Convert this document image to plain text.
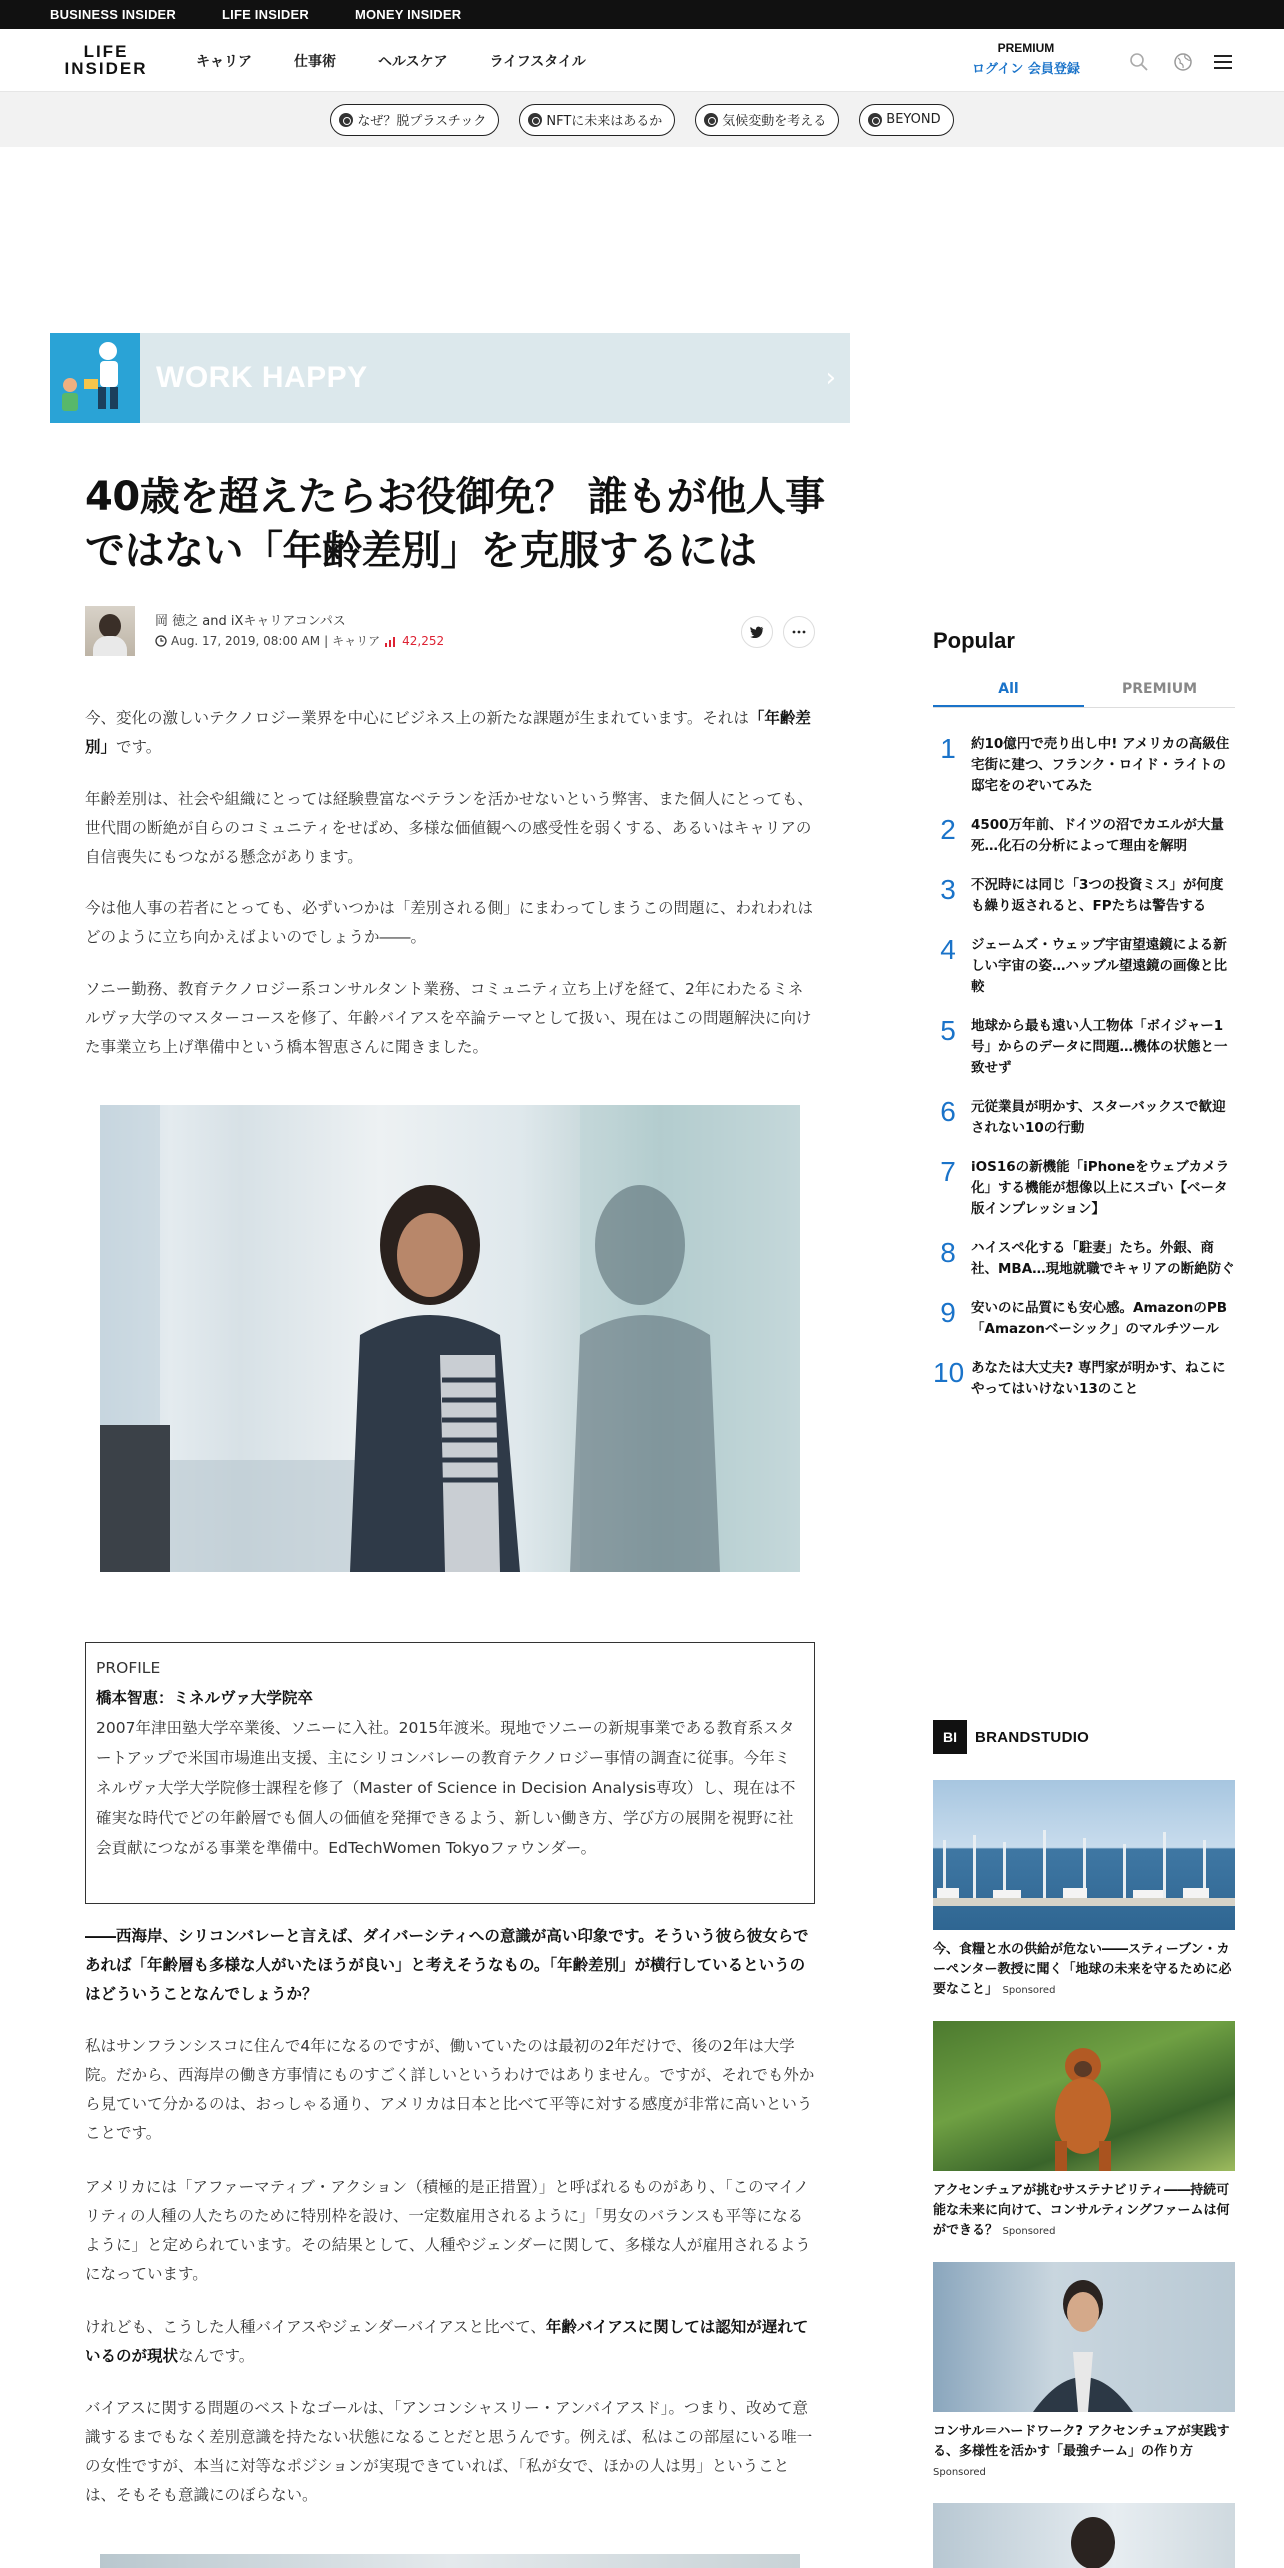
BUSINESS INSIDER	LIFE INSIDER	MONEY INSIDER
LIFE
INSIDER	キャリア	仕事術	ヘルスケア	ライフスタイル
PREMIUM
ログイン 会員登録
なぜ？脱プラスチック	NFTに未来はあるか	気候変動を考える	BEYOND
WORK HAPPY	›
40歳を超えたらお役御免？ 誰もが他人事ではない「年齢差別」を克服するには
岡 徳之 and iXキャリアコンパス
Aug. 17, 2019, 08:00 AM | キャリア 42,252

今、変化の激しいテクノロジー業界を中心にビジネス上の新たな課題が生まれています。それは「年齢差別」です。

年齢差別は、社会や組織にとっては経験豊富なベテランを活かせないという弊害、また個人にとっても、世代間の断絶が自らのコミュニティをせばめ、多様な価値観への感受性を弱くする、あるいはキャリアの自信喪失にもつながる懸念があります。

今は他人事の若者にとっても、必ずいつかは「差別される側」にまわってしまうこの問題に、われわれはどのように立ち向かえばよいのでしょうか――。

ソニー勤務、教育テクノロジー系コンサルタント業務、コミュニティ立ち上げを経て、2年にわたるミネルヴァ大学のマスターコースを修了、年齢バイアスを卒論テーマとして扱い、現在はこの問題解決に向けた事業立ち上げ準備中という橋本智恵さんに聞きました。

PROFILE
橋本智恵：ミネルヴァ大学院卒
2007年津田塾大学卒業後、ソニーに入社。2015年渡米。現地でソニーの新規事業である教育系スタートアップで米国市場進出支援、主にシリコンバレーの教育テクノロジー事情の調査に従事。今年ミネルヴァ大学大学院修士課程を修了（Master of Science in Decision Analysis専攻）し、現在は不確実な時代でどの年齢層でも個人の価値を発揮できるよう、新しい働き方、学び方の展開を視野に社会貢献につながる事業を準備中。EdTechWomen Tokyoファウンダー。

――西海岸、シリコンバレーと言えば、ダイバーシティへの意識が高い印象です。そういう彼ら彼女らであれば「年齢層も多様な人がいたほうが良い」と考えそうなもの。「年齢差別」が横行しているというのはどういうことなんでしょうか？

私はサンフランシスコに住んで4年になるのですが、働いていたのは最初の2年だけで、後の2年は大学院。だから、西海岸の働き方事情にものすごく詳しいというわけではありません。ですが、それでも外から見ていて分かるのは、おっしゃる通り、アメリカは日本と比べて平等に対する感度が非常に高いということです。

アメリカには「アファーマティブ・アクション（積極的是正措置）」と呼ばれるものがあり、「このマイノリティの人種の人たちのために特別枠を設け、一定数雇用されるように」「男女のバランスも平等になるように」と定められています。その結果として、人種やジェンダーに関して、多様な人が雇用されるようになっています。

けれども、こうした人種バイアスやジェンダーバイアスと比べて、年齢バイアスに関しては認知が遅れているのが現状なんです。

バイアスに関する問題のベストなゴールは、「アンコンシャスリー・アンバイアスド」。つまり、改めて意識するまでもなく差別意識を持たない状態になることだと思うんです。例えば、私はこの部屋にいる唯一の女性ですが、本当に対等なポジションが実現できていれば、「私が女で、ほかの人は男」ということは、そもそも意識にのぼらない。

Popular
All	PREMIUM
1	約10億円で売り出し中! アメリカの高級住宅街に建つ、フランク・ロイド・ライトの邸宅をのぞいてみた
2	4500万年前、ドイツの沼でカエルが大量死…化石の分析によって理由を解明
3	不況時には同じ「3つの投資ミス」が何度も繰り返されると、FPたちは警告する
4	ジェームズ・ウェッブ宇宙望遠鏡による新しい宇宙の姿…ハッブル望遠鏡の画像と比較
5	地球から最も遠い人工物体「ボイジャー1号」からのデータに問題…機体の状態と一致せず
6	元従業員が明かす、スターバックスで歓迎されない10の行動
7	iOS16の新機能「iPhoneをウェブカメラ化」する機能が想像以上にスゴい【ベータ版インプレッション】
8	ハイスペ化する「駐妻」たち。外銀、商社、MBA…現地就職でキャリアの断絶防ぐ
9	安いのに品質にも安心感。AmazonのPB「Amazonベーシック」のマルチツール
10 あなたは大丈夫? 専門家が明かす、ねこにやってはいけない13のこと
BI	BRANDSTUDIO
今、食糧と水の供給が危ない――スティーブン・カーペンター教授に聞く「地球の未来を守るために必要なこと」 Sponsored
アクセンチュアが挑むサステナビリティ――持続可能な未来に向けて、コンサルティングファームは何ができる？ Sponsored
コンサル＝ハードワーク? アクセンチュアが実践する、多様性を活かす「最強チーム」の作り方 Sponsored
